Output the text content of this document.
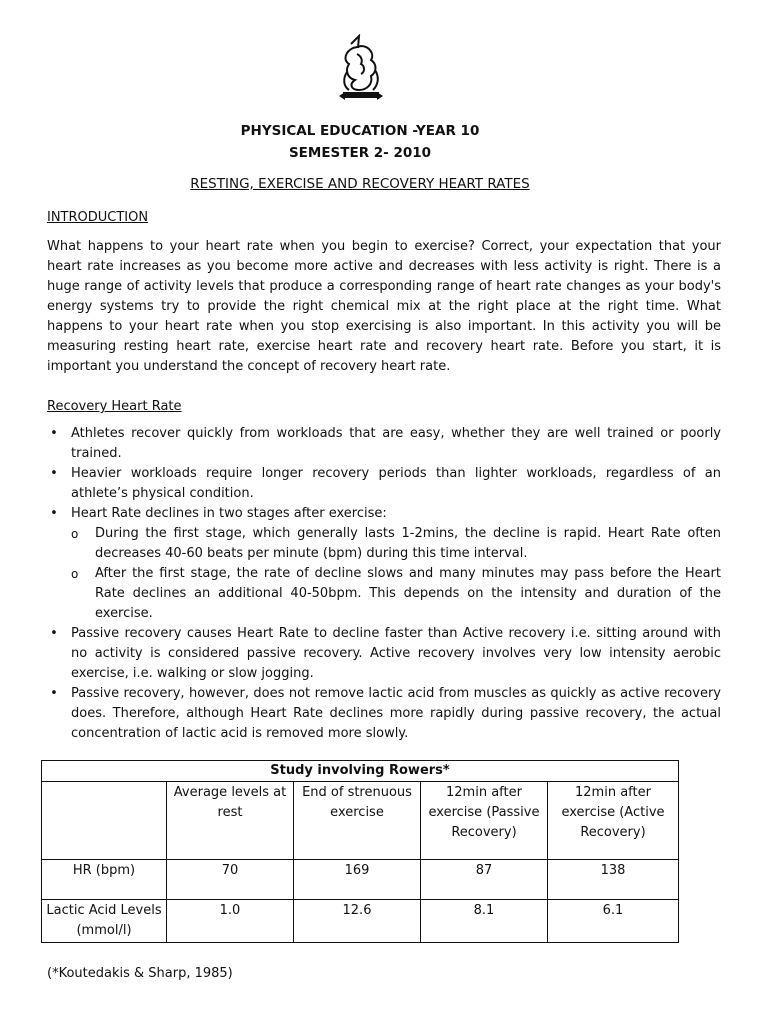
PHYSICAL EDUCATION -YEAR 10
SEMESTER 2- 2010
RESTING, EXERCISE AND RECOVERY HEART RATES
INTRODUCTION

What happens to your heart rate when you begin to exercise? Correct, your expectation that your heart rate increases as you become more active and decreases with less activity is right. There is a huge range of activity levels that produce a corresponding range of heart rate changes as your body's energy systems try to provide the right chemical mix at the right place at the right time. What happens to your heart rate when you stop exercising is also important. In this activity you will be measuring resting heart rate, exercise heart rate and recovery heart rate. Before you start, it is important you understand the concept of recovery heart rate.

Recovery Heart Rate
• Athletes recover quickly from workloads that are easy, whether they are well trained or poorly trained.
• Heavier workloads require longer recovery periods than lighter workloads, regardless of an athlete’s physical condition.
• Heart Rate declines in two stages after exercise:
o During the first stage, which generally lasts 1-2mins, the decline is rapid. Heart Rate often decreases 40-60 beats per minute (bpm) during this time interval.
o After the first stage, the rate of decline slows and many minutes may pass before the Heart Rate declines an additional 40-50bpm. This depends on the intensity and duration of the exercise.
• Passive recovery causes Heart Rate to decline faster than Active recovery i.e. sitting around with no activity is considered passive recovery. Active recovery involves very low intensity aerobic exercise, i.e. walking or slow jogging.
• Passive recovery, however, does not remove lactic acid from muscles as quickly as active recovery does. Therefore, although Heart Rate declines more rapidly during passive recovery, the actual concentration of lactic acid is removed more slowly.
(*Koutedakis & Sharp, 1985)
Study involving Rowers*				
	Average levels at rest	End of strenuous exercise	12min after exercise (Passive Recovery)	12min after exercise (Active Recovery)
HR (bpm)	70	169	87	138
Lactic Acid Levels (mmol/l)	1.0	12.6	8.1	6.1
